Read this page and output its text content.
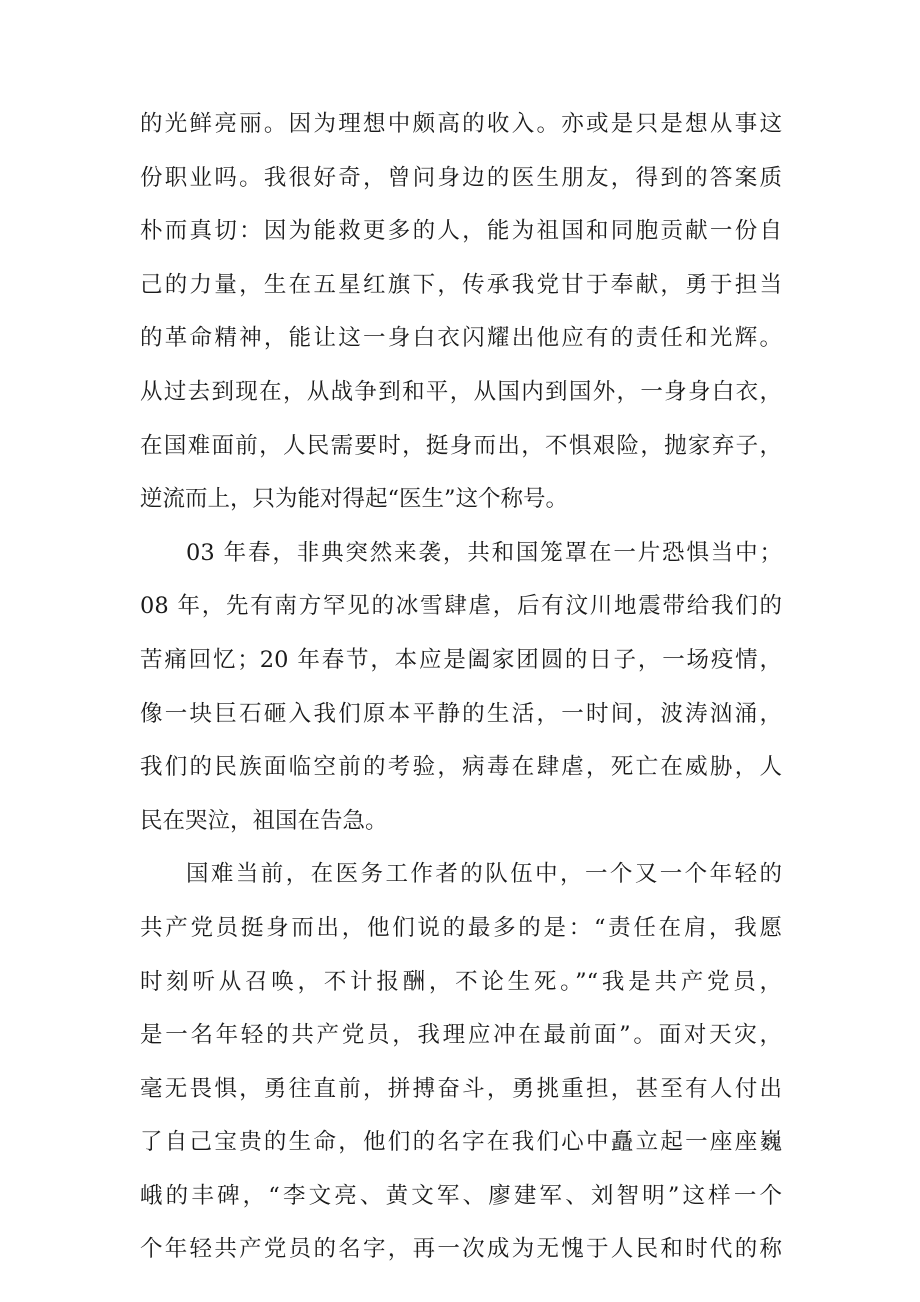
的光鲜亮丽。因为理想中颇高的收入。亦或是只是想从事这
份职业吗。我很好奇，曾问身边的医生朋友，得到的答案质
朴而真切：因为能救更多的人，能为祖国和同胞贡献一份自
己的力量，生在五星红旗下，传承我党甘于奉献，勇于担当
的革命精神，能让这一身白衣闪耀出他应有的责任和光辉。
从过去到现在，从战争到和平，从国内到国外，一身身白衣，
在国难面前，人民需要时，挺身而出，不惧艰险，抛家弃子，
逆流而上，只为能对得起“医生”这个称号。
03 年春，非典突然来袭，共和国笼罩在一片恐惧当中；
08 年，先有南方罕见的冰雪肆虐，后有汶川地震带给我们的
苦痛回忆；20 年春节，本应是阖家团圆的日子，一场疫情，
像一块巨石砸入我们原本平静的生活，一时间，波涛汹涌，
我们的民族面临空前的考验，病毒在肆虐，死亡在威胁，人
民在哭泣，祖国在告急。
国难当前，在医务工作者的队伍中，一个又一个年轻的
共产党员挺身而出，他们说的最多的是：“责任在肩，我愿
时刻听从召唤，不计报酬，不论生死。”“我是共产党员，
是一名年轻的共产党员，我理应冲在最前面”。面对天灾，
毫无畏惧，勇往直前，拼搏奋斗，勇挑重担，甚至有人付出
了自己宝贵的生命，他们的名字在我们心中矗立起一座座巍
峨的丰碑，“李文亮、黄文军、廖建军、刘智明”这样一个
个年轻共产党员的名字，再一次成为无愧于人民和时代的称
